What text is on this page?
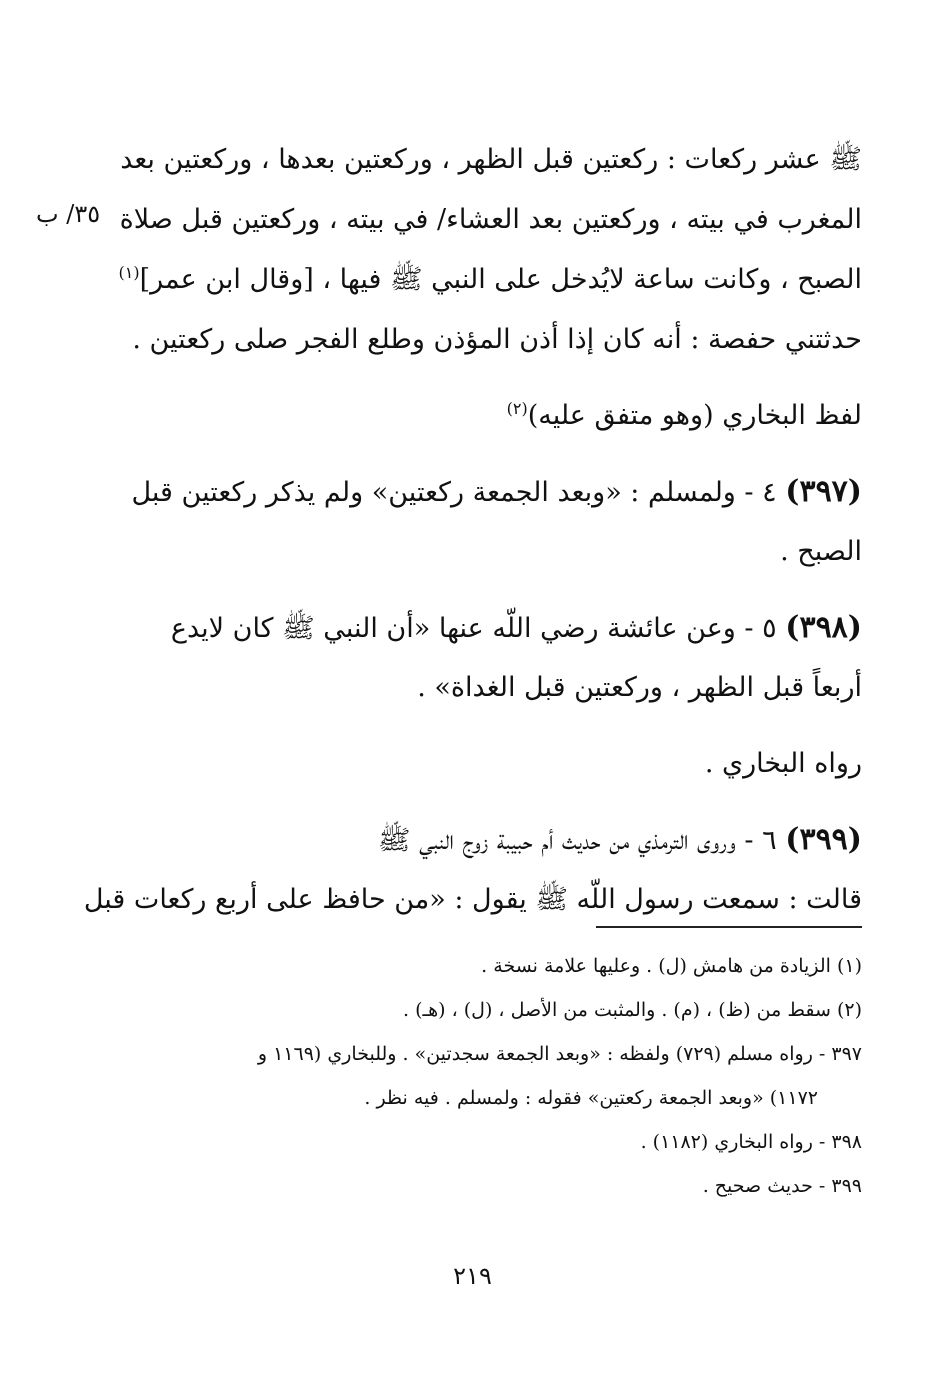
٣٥/ ب
ﷺ عشر ركعات : ركعتين قبل الظهر ، وركعتين بعدها ، وركعتين بعد
المغرب في بيته ، وركعتين بعد العشاء/ في بيته ، وركعتين قبل صلاة
الصبح ، وكانت ساعة لايُدخل على النبي ﷺ فيها ، [وقال ابن عمر]$^{(١)}$
حدثتني حفصة : أنه كان إذا أذن المؤذن وطلع الفجر صلى ركعتين .
لفظ البخاري (وهو متفق عليه)$^{(٢)}$
(٣٩٧) ٤ - ولمسلم : «وبعد الجمعة ركعتين» ولم يذكر ركعتين قبل
الصبح .
(٣٩٨) ٥ - وعن عائشة رضي اللّه عنها «أن النبي ﷺ كان لايدع
أربعاً قبل الظهر ، وركعتين قبل الغداة» .
رواه البخاري .
(٣٩٩) ٦ - وروى الترمذي من حديث أم حبيبة زوج النبي ﷺ
قالت : سمعت رسول اللّه ﷺ يقول : «من حافظ على أربع ركعات قبل
(١) الزيادة من هامش (ل) . وعليها علامة نسخة .
(٢) سقط من (ظ) ، (م) . والمثبت من الأصل ، (ل) ، (هـ) .
٣٩٧ - رواه مسلم (٧٢٩) ولفظه : «وبعد الجمعة سجدتين» . وللبخاري (١١٦٩ و
١١٧٢) «وبعد الجمعة ركعتين» فقوله : ولمسلم . فيه نظر .
٣٩٨ - رواه البخاري (١١٨٢) .
٣٩٩ - حديث صحيح .
٢١٩
